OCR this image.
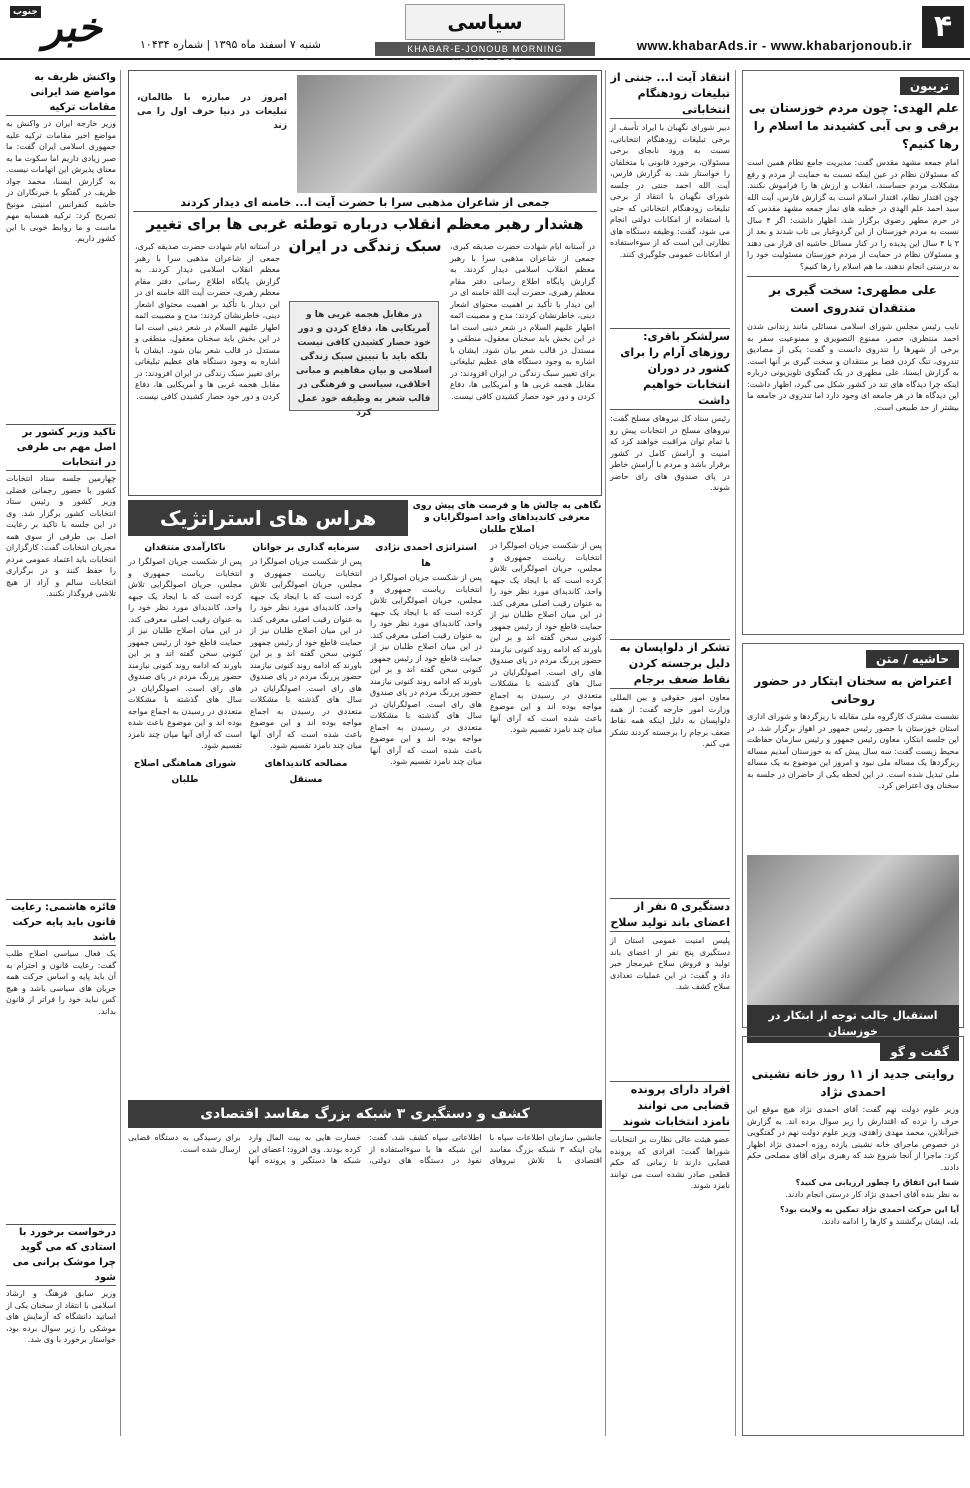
۴
www.khabarAds.ir - www.khabarjonoub.ir
سیاسی
KHABAR-E-JONOUB MORNING NEWSPAPER
جنوب خبر	شنبه ۷ اسفند ماه ۱۳۹۵ | شماره ۱۰۴۳۴
تریبون
علم الهدی: چون مردم خوزستان بی برقی و بی آبی کشیدند ما اسلام را رها کنیم؟
امام جمعه مشهد مقدس گفت: مدیریت جامع نظام همین است که مسئولان نظام در عین اینکه نسبت به حمایت از مردم و رفع مشکلات مردم حساسند، انقلاب و ارزش ها را فراموش نکنند. چون اقتدار نظام، اقتدار اسلام است به گزارش فارس، آیت الله سید احمد علم الهدی در خطبه های نماز جمعه مشهد مقدس که در حرم مطهر رضوی برگزار شد، اظهار داشت: اگر ۴ سال نسبت به مردم خوزستان از این گردوغبار بی تاب شدند و بعد از ۳ یا ۴ سال این پدیده را در کنار مسائل حاشیه ای قرار می دهند و مسئولان نظام در حمایت از مردم خوزستان مسئولیت خود را به درستی انجام ندهند، ما هم اسلام را رها کنیم؟
علی مطهری: سخت گیری بر منتقدان تندروی است
نایب رئیس مجلس شورای اسلامی مسائلی مانند زندانی شدن احمد منتظری، حصر، ممنوع التصویری و ممنوعیت سفر به برخی از شهرها را تندروی دانست و گفت: یکی از مصادیق تندروی، تنگ کردن فضا بر منتقدان و سخت گیری بر آنها است. به گزارش ایسنا، علی مطهری در یک گفتگوی تلویزیونی درباره اینکه چرا دیدگاه های تند در کشور شکل می گیرد، اظهار داشت: این دیدگاه ها در هر جامعه ای وجود دارد اما تندروی در جامعه ما بیشتر از حد طبیعی است.
حاشیه / متن
اعتراض به سخنان ابتکار در حضور روحانی
نشست مشترک کارگروه ملی مقابله با ریزگردها و شورای اداری استان خوزستان با حضور رئیس جمهور در اهواز برگزار شد. در این جلسه ابتکار، معاون رئیس جمهور و رئیس سازمان حفاظت محیط زیست گفت: سه سال پیش که به خوزستان آمدیم مساله ریزگردها یک مساله ملی نبود و امروز این موضوع به یک مساله ملی تبدیل شده است. در این لحظه یکی از حاضران در جلسه به سخنان وی اعتراض کرد.
استقبال جالب توجه از ابتکار در خوزستان
گفت و گو
روایتی جدید از ۱۱ روز خانه نشینی احمدی نژاد
وزیر علوم دولت نهم گفت: آقای احمدی نژاد هیچ موقع این حرف را نزده که اقتدارش را زیر سوال برده اند. به گزارش خبرآنلاین، محمد مهدی زاهدی، وزیر علوم دولت نهم در گفتگویی در خصوص ماجرای خانه نشینی یازده روزه احمدی نژاد اظهار کرد: ماجرا از آنجا شروع شد که رهبری برای آقای مصلحی حکم دادند.
شما این اتفاق را چطور ارزیابی می کنید؟
به نظر بنده آقای احمدی نژاد کار درستی انجام دادند.
آیا این حرکت احمدی نژاد تمکین به ولایت بود؟
بله، ایشان برگشتند و کارها را ادامه دادند.
انتقاد آیت ا... جنتی از تبلیغات زودهنگام انتخاباتی
دبیر شورای نگهبان با ایراد تأسف از برخی تبلیغات زودهنگام انتخاباتی، نسبت به ورود نابجای برخی مسئولان، برخورد قانونی با متخلفان را خواستار شد. به گزارش فارس، آیت الله احمد جنتی در جلسه شورای نگهبان با انتقاد از برخی تبلیغات زودهنگام انتخاباتی که حتی با استفاده از امکانات دولتی انجام می شود، گفت: وظیفه دستگاه های نظارتی این است که از سوءاستفاده از امکانات عمومی جلوگیری کنند.
سرلشکر باقری: روزهای آرام را برای کشور در دوران انتخابات خواهیم داشت
رئیس ستاد کل نیروهای مسلح گفت: نیروهای مسلح در انتخابات پیش رو با تمام توان مراقبت خواهند کرد که امنیت و آرامش کامل در کشور برقرار باشد و مردم با آرامش خاطر در پای صندوق های رای حاضر شوند.
تشکر از دلواپسان به دلیل برجسته کردن نقاط ضعف برجام
معاون امور حقوقی و بین المللی وزارت امور خارجه گفت: از همه دلواپسان به دلیل اینکه همه نقاط ضعف برجام را برجسته کردند تشکر می کنم.
دستگیری ۵ نفر از اعضای باند تولید سلاح
پلیس امنیت عمومی استان از دستگیری پنج نفر از اعضای باند تولید و فروش سلاح غیرمجاز خبر داد و گفت: در این عملیات تعدادی سلاح کشف شد.
افراد دارای پرونده قضایی می توانند نامزد انتخابات شوند
عضو هیئت عالی نظارت بر انتخابات شوراها گفت: افرادی که پرونده قضایی دارند تا زمانی که حکم قطعی صادر نشده است می توانند نامزد شوند.
امروز در مبارزه با ظالمان، تبلیغات در دنیا حرف اول را می زند
جمعی از شاعران مذهبی سرا با حضرت آیت ا... خامنه ای دیدار کردند
هشدار رهبر معظم انقلاب درباره توطئه غربی ها برای تغییر سبک زندگی در ایران	در آستانه ایام شهادت حضرت صدیقه کبری، جمعی از شاعران مذهبی سرا با رهبر معظم انقلاب اسلامی دیدار کردند. به گزارش پایگاه اطلاع رسانی دفتر مقام معظم رهبری، حضرت آیت الله خامنه ای در این دیدار با تأکید بر اهمیت محتوای اشعار دینی، خاطرنشان کردند: مدح و مصیبت ائمه اطهار علیهم السلام در شعر دینی است اما در این بخش باید سخنان معقول، منطقی و مستدل در قالب شعر بیان شود. ایشان با اشاره به وجود دستگاه های عظیم تبلیغاتی برای تغییر سبک زندگی در ایران افزودند: در مقابل هجمه غربی ها و آمریکایی ها، دفاع کردن و دور خود حصار کشیدن کافی نیست.
در مقابل هجمه غربی ها و آمریکایی ها، دفاع کردن و دور خود حصار کشیدن کافی نیست بلکه باید با تبیین سبک زندگی اسلامی و بیان مفاهیم و مبانی اخلاقی، سیاسی و فرهنگی در قالب شعر به وظیفه خود عمل کرد
در آستانه ایام شهادت حضرت صدیقه کبری، جمعی از شاعران مذهبی سرا با رهبر معظم انقلاب اسلامی دیدار کردند. به گزارش پایگاه اطلاع رسانی دفتر مقام معظم رهبری، حضرت آیت الله خامنه ای در این دیدار با تأکید بر اهمیت محتوای اشعار دینی، خاطرنشان کردند: مدح و مصیبت ائمه اطهار علیهم السلام در شعر دینی است اما در این بخش باید سخنان معقول، منطقی و مستدل در قالب شعر بیان شود. ایشان با اشاره به وجود دستگاه های عظیم تبلیغاتی برای تغییر سبک زندگی در ایران افزودند: در مقابل هجمه غربی ها و آمریکایی ها، دفاع کردن و دور خود حصار کشیدن کافی نیست.
هراس های استراتژیک	نگاهی به چالش ها و فرصت های پیش روی معرفی کاندیداهای واحد اصولگرایان و اصلاح طلبان
پس از شکست جریان اصولگرا در انتخابات ریاست جمهوری و مجلس، جریان اصولگرایی تلاش کرده است که با ایجاد یک جبهه واحد، کاندیدای مورد نظر خود را به عنوان رقیب اصلی معرفی کند. در این میان اصلاح طلبان نیز از حمایت قاطع خود از رئیس جمهور کنونی سخن گفته اند و بر این باورند که ادامه روند کنونی نیازمند حضور پررنگ مردم در پای صندوق های رای است. اصولگرایان در سال های گذشته با مشکلات متعددی در رسیدن به اجماع مواجه بوده اند و این موضوع باعث شده است که آرای آنها میان چند نامزد تقسیم شود.
استراتژی احمدی نژادی ها
پس از شکست جریان اصولگرا در انتخابات ریاست جمهوری و مجلس، جریان اصولگرایی تلاش کرده است که با ایجاد یک جبهه واحد، کاندیدای مورد نظر خود را به عنوان رقیب اصلی معرفی کند. در این میان اصلاح طلبان نیز از حمایت قاطع خود از رئیس جمهور کنونی سخن گفته اند و بر این باورند که ادامه روند کنونی نیازمند حضور پررنگ مردم در پای صندوق های رای است. اصولگرایان در سال های گذشته با مشکلات متعددی در رسیدن به اجماع مواجه بوده اند و این موضوع باعث شده است که آرای آنها میان چند نامزد تقسیم شود.
سرمایه گذاری بر جوانان
پس از شکست جریان اصولگرا در انتخابات ریاست جمهوری و مجلس، جریان اصولگرایی تلاش کرده است که با ایجاد یک جبهه واحد، کاندیدای مورد نظر خود را به عنوان رقیب اصلی معرفی کند. در این میان اصلاح طلبان نیز از حمایت قاطع خود از رئیس جمهور کنونی سخن گفته اند و بر این باورند که ادامه روند کنونی نیازمند حضور پررنگ مردم در پای صندوق های رای است. اصولگرایان در سال های گذشته با مشکلات متعددی در رسیدن به اجماع مواجه بوده اند و این موضوع باعث شده است که آرای آنها میان چند نامزد تقسیم شود.
مصالحه کاندیداهای مستقل
ناکارآمدی منتقدان
پس از شکست جریان اصولگرا در انتخابات ریاست جمهوری و مجلس، جریان اصولگرایی تلاش کرده است که با ایجاد یک جبهه واحد، کاندیدای مورد نظر خود را به عنوان رقیب اصلی معرفی کند. در این میان اصلاح طلبان نیز از حمایت قاطع خود از رئیس جمهور کنونی سخن گفته اند و بر این باورند که ادامه روند کنونی نیازمند حضور پررنگ مردم در پای صندوق های رای است. اصولگرایان در سال های گذشته با مشکلات متعددی در رسیدن به اجماع مواجه بوده اند و این موضوع باعث شده است که آرای آنها میان چند نامزد تقسیم شود.
شورای هماهنگی اصلاح طلبان
کشف و دستگیری ۳ شبکه بزرگ مفاسد اقتصادی
جانشین سازمان اطلاعات سپاه با بیان اینکه ۳ شبکه بزرگ مفاسد اقتصادی با تلاش نیروهای اطلاعاتی سپاه کشف شد، گفت: این شبکه ها با سوءاستفاده از نفوذ در دستگاه های دولتی، خسارت هایی به بیت المال وارد کرده بودند. وی افزود: اعضای این شبکه ها دستگیر و پرونده آنها برای رسیدگی به دستگاه قضایی ارسال شده است.
واکنش ظریف به مواضع ضد ایرانی مقامات ترکیه
وزیر خارجه ایران در واکنش به مواضع اخیر مقامات ترکیه علیه جمهوری اسلامی ایران گفت: ما صبر زیادی داریم اما سکوت ما به معنای پذیرش این اتهامات نیست. به گزارش ایسنا، محمد جواد ظریف در گفتگو با خبرنگاران در حاشیه کنفرانس امنیتی مونیخ تصریح کرد: ترکیه همسایه مهم ماست و ما روابط خوبی با این کشور داریم.
تاکید وزیر کشور بر اصل مهم بی طرفی در انتخابات
چهارمین جلسه ستاد انتخابات کشور با حضور رحمانی فضلی وزیر کشور و رئیس ستاد انتخابات کشور برگزار شد. وی در این جلسه با تاکید بر رعایت اصل بی طرفی از سوی همه مجریان انتخابات گفت: کارگزاران انتخابات باید اعتماد عمومی مردم را حفظ کنند و در برگزاری انتخابات سالم و آزاد از هیچ تلاشی فروگذار نکنند.
فائزه هاشمی: رعایت قانون باید پایه حرکت باشد
یک فعال سیاسی اصلاح طلب گفت: رعایت قانون و احترام به آن باید پایه و اساس حرکت همه جریان های سیاسی باشد و هیچ کس نباید خود را فراتر از قانون بداند.
درخواست برخورد با استادی که می گوید چرا موشک پرانی می شود
وزیر سابق فرهنگ و ارشاد اسلامی با انتقاد از سخنان یکی از اساتید دانشگاه که آزمایش های موشکی را زیر سوال برده بود، خواستار برخورد با وی شد.
